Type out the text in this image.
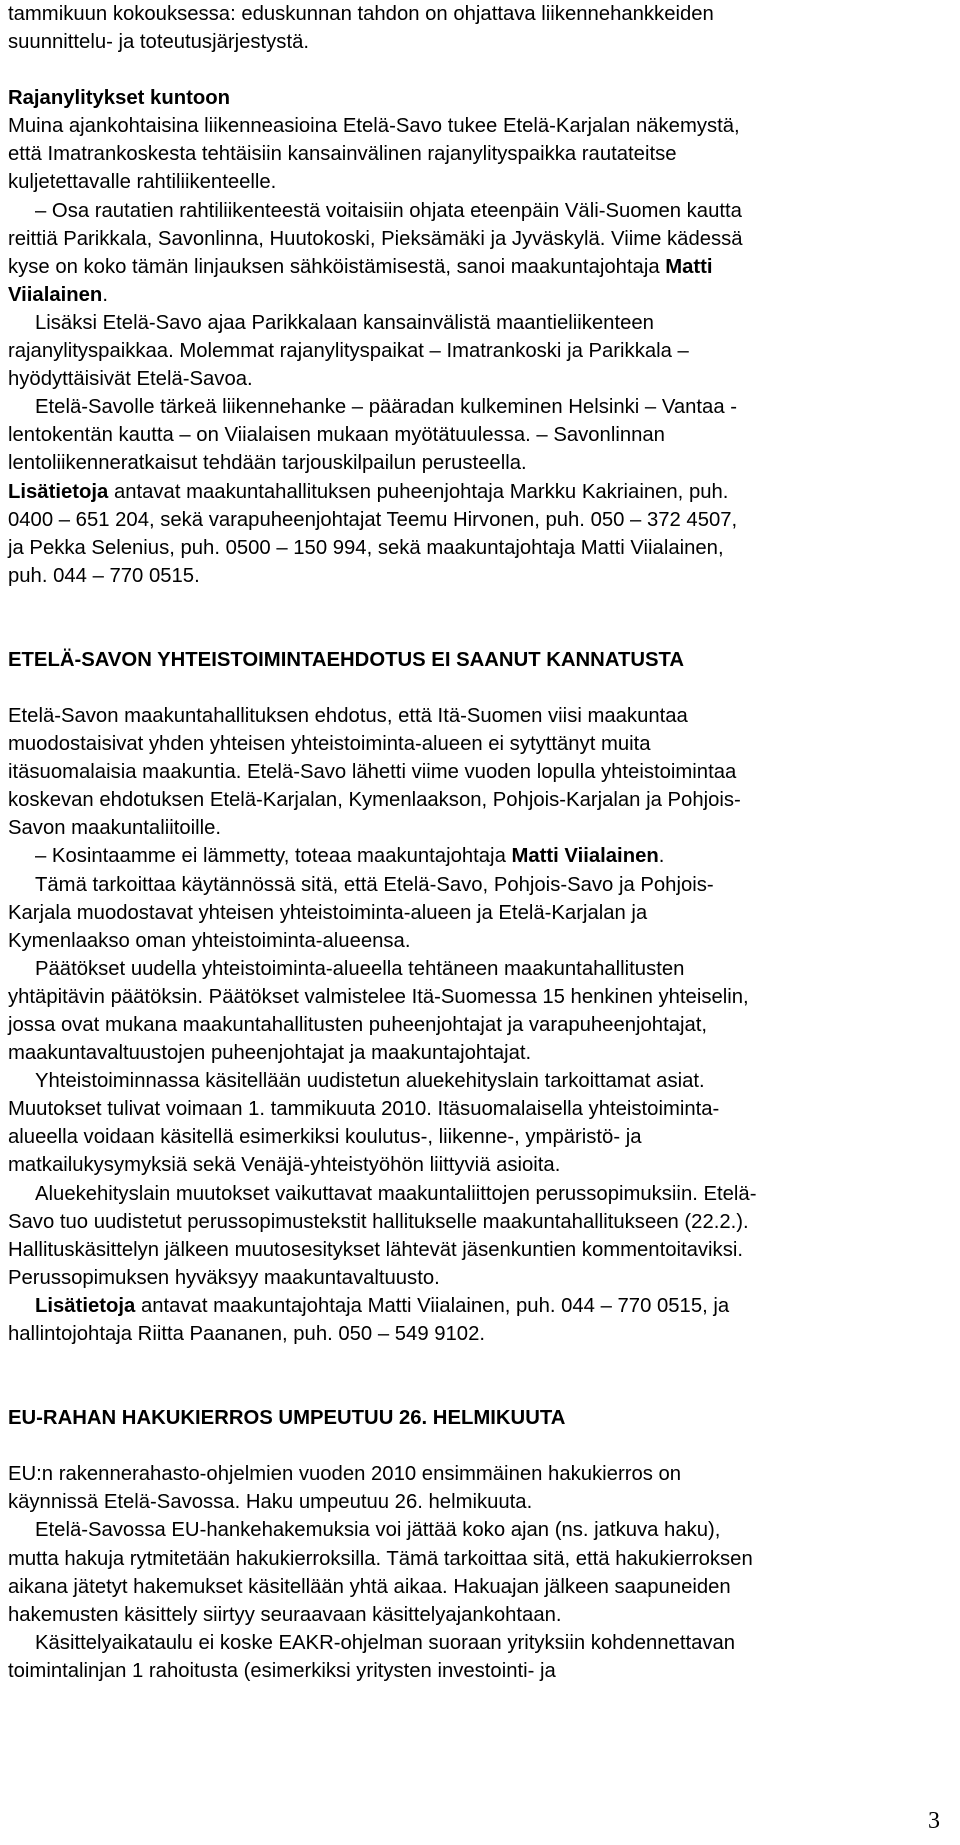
tammikuun kokouksessa: eduskunnan tahdon on ohjattava liikennehankkeiden
suunnittelu- ja toteutusjärjestystä.
Rajanylitykset kuntoon
Muina ajankohtaisina liikenneasioina Etelä-Savo tukee Etelä-Karjalan näkemystä,
että Imatrankoskesta tehtäisiin kansainvälinen rajanylityspaikka rautateitse
kuljetettavalle rahtiliikenteelle.
– Osa rautatien rahtiliikenteestä voitaisiin ohjata eteenpäin Väli-Suomen kautta
reittiä Parikkala, Savonlinna, Huutokoski, Pieksämäki ja Jyväskylä. Viime kädessä
kyse on koko tämän linjauksen sähköistämisestä, sanoi maakuntajohtaja Matti
Viialainen.
Lisäksi Etelä-Savo ajaa Parikkalaan kansainvälistä maantieliikenteen
rajanylityspaikkaa. Molemmat rajanylityspaikat – Imatrankoski ja Parikkala –
hyödyttäisivät Etelä-Savoa.
Etelä-Savolle tärkeä liikennehanke – pääradan kulkeminen Helsinki – Vantaa -
lentokentän kautta – on Viialaisen mukaan myötätuulessa. – Savonlinnan
lentoliikenneratkaisut tehdään tarjouskilpailun perusteella.
Lisätietoja antavat maakuntahallituksen puheenjohtaja Markku Kakriainen, puh.
0400 – 651 204, sekä varapuheenjohtajat Teemu Hirvonen, puh. 050 – 372 4507,
ja Pekka Selenius, puh. 0500 – 150 994, sekä maakuntajohtaja Matti Viialainen,
puh. 044 – 770 0515.
ETELÄ-SAVON YHTEISTOIMINTAEHDOTUS EI SAANUT KANNATUSTA
Etelä-Savon maakuntahallituksen ehdotus, että Itä-Suomen viisi maakuntaa
muodostaisivat yhden yhteisen yhteistoiminta-alueen ei sytyttänyt muita
itäsuomalaisia maakuntia. Etelä-Savo lähetti viime vuoden lopulla yhteistoimintaa
koskevan ehdotuksen Etelä-Karjalan, Kymenlaakson, Pohjois-Karjalan ja Pohjois-
Savon maakuntaliitoille.
– Kosintaamme ei lämmetty, toteaa maakuntajohtaja Matti Viialainen.
Tämä tarkoittaa käytännössä sitä, että Etelä-Savo, Pohjois-Savo ja Pohjois-
Karjala muodostavat yhteisen yhteistoiminta-alueen ja Etelä-Karjalan ja
Kymenlaakso oman yhteistoiminta-alueensa.
Päätökset uudella yhteistoiminta-alueella tehtäneen maakuntahallitusten
yhtäpitävin päätöksin. Päätökset valmistelee Itä-Suomessa 15 henkinen yhteiselin,
jossa ovat mukana maakuntahallitusten puheenjohtajat ja varapuheenjohtajat,
maakuntavaltuustojen puheenjohtajat ja maakuntajohtajat.
Yhteistoiminnassa käsitellään uudistetun aluekehityslain tarkoittamat asiat.
Muutokset tulivat voimaan 1. tammikuuta 2010. Itäsuomalaisella yhteistoiminta-
alueella voidaan käsitellä esimerkiksi koulutus-, liikenne-, ympäristö- ja
matkailukysymyksiä sekä Venäjä-yhteistyöhön liittyviä asioita.
Aluekehityslain muutokset vaikuttavat maakuntaliittojen perussopimuksiin. Etelä-
Savo tuo uudistetut perussopimustekstit hallitukselle maakuntahallitukseen (22.2.).
Hallituskäsittelyn jälkeen muutosesitykset lähtevät jäsenkuntien kommentoitaviksi.
Perussopimuksen hyväksyy maakuntavaltuusto.
Lisätietoja antavat maakuntajohtaja Matti Viialainen, puh. 044 – 770 0515, ja
hallintojohtaja Riitta Paananen, puh. 050 – 549 9102.
EU-RAHAN HAKUKIERROS UMPEUTUU 26. HELMIKUUTA
EU:n rakennerahasto-ohjelmien vuoden 2010 ensimmäinen hakukierros on
käynnissä Etelä-Savossa. Haku umpeutuu 26. helmikuuta.
Etelä-Savossa EU-hankehakemuksia voi jättää koko ajan (ns. jatkuva haku),
mutta hakuja rytmitetään hakukierroksilla. Tämä tarkoittaa sitä, että hakukierroksen
aikana jätetyt hakemukset käsitellään yhtä aikaa. Hakuajan jälkeen saapuneiden
hakemusten käsittely siirtyy seuraavaan käsittelyajankohtaan.
Käsittelyaikataulu ei koske EAKR-ohjelman suoraan yrityksiin kohdennettavan
toimintalinjan 1 rahoitusta (esimerkiksi yritysten investointi- ja
3
